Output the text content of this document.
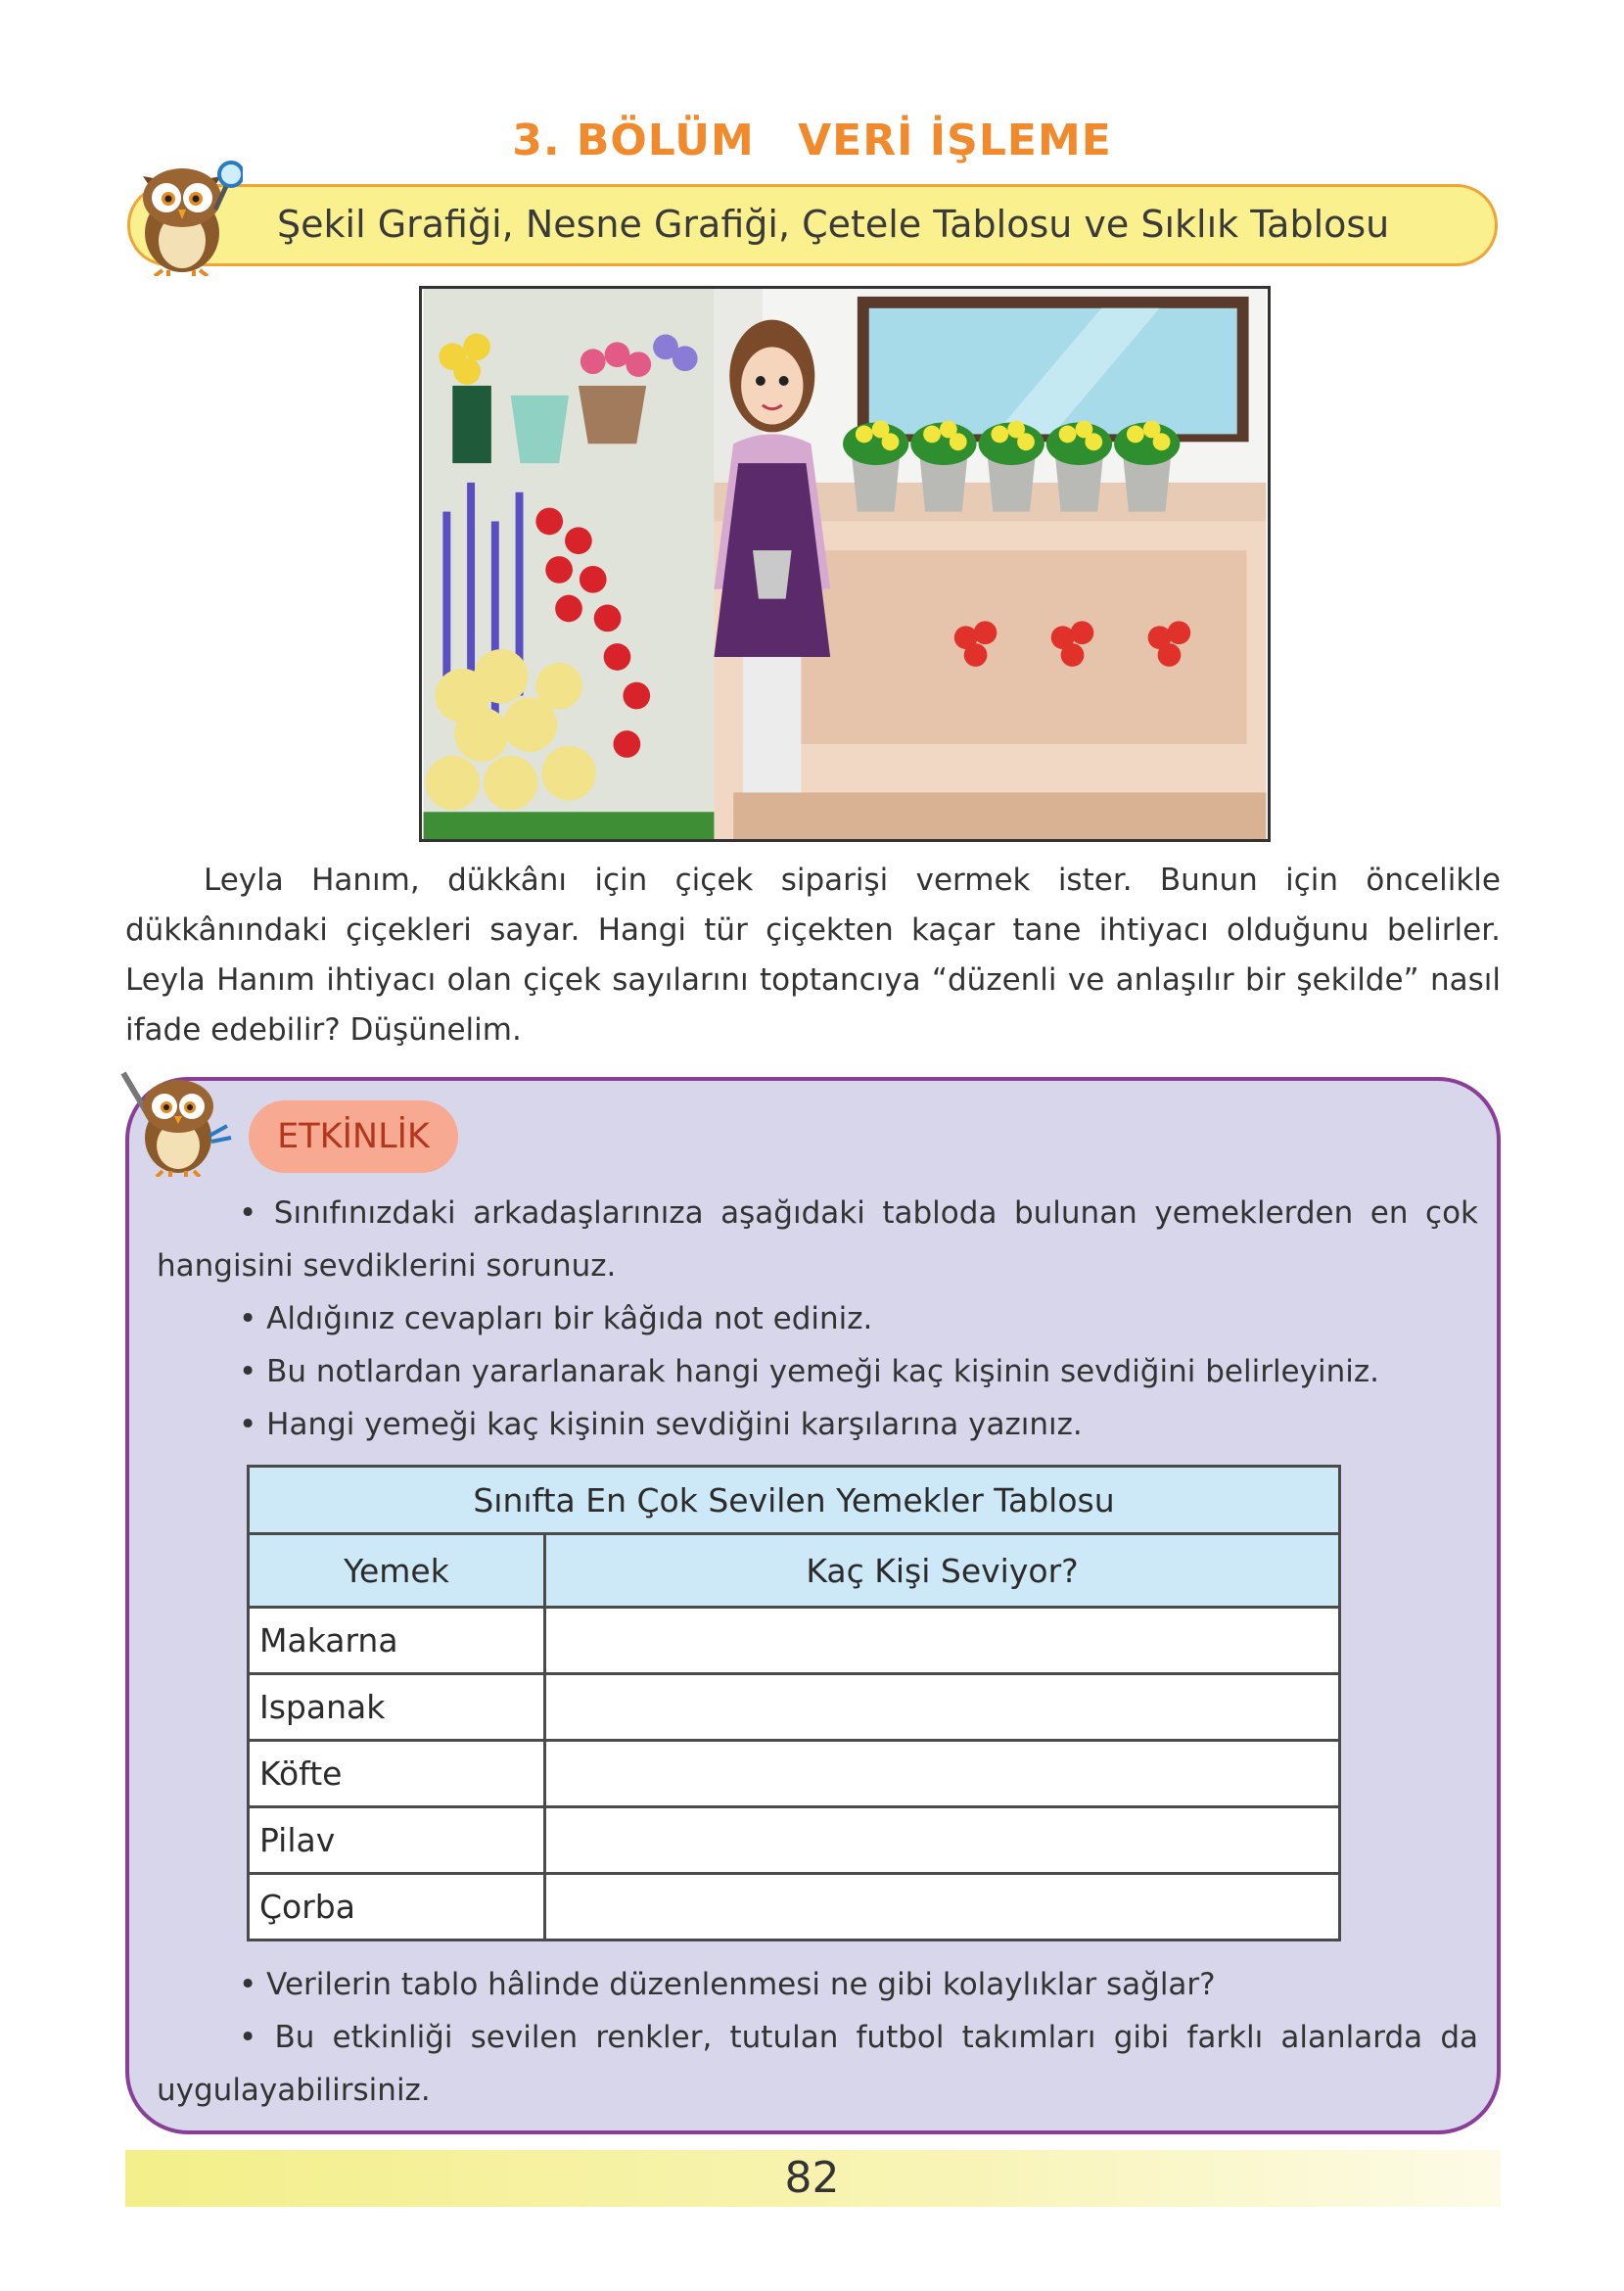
3. BÖLÜM VERİ İŞLEME
Şekil Grafiği, Nesne Grafiği, Çetele Tablosu ve Sıklık Tablosu

Leyla Hanım, dükkânı için çiçek siparişi vermek ister. Bunun için öncelikle dükkânındaki çiçekleri sayar. Hangi tür çiçekten kaçar tane ihtiyacı olduğunu belirler. Leyla Hanım ihtiyacı olan çiçek sayılarını toptancıya “düzenli ve anlaşılır bir şekilde” nasıl ifade edebilir? Düşünelim.

ETKİNLİK

• Sınıfınızdaki arkadaşlarınıza aşağıdaki tabloda bulunan yemeklerden en çok hangisini sevdiklerini sorunuz.

• Aldığınız cevapları bir kâğıda not ediniz.

• Bu notlardan yararlanarak hangi yemeği kaç kişinin sevdiğini belirleyiniz.

• Hangi yemeği kaç kişinin sevdiğini karşılarına yazınız.

Sınıfta En Çok Sevilen Yemekler Tablosu	
Yemek	Kaç Kişi Seviyor?
Makarna	
Ispanak	
Köfte	
Pilav	
Çorba	

• Verilerin tablo hâlinde düzenlenmesi ne gibi kolaylıklar sağlar?

• Bu etkinliği sevilen renkler, tutulan futbol takımları gibi farklı alanlarda da uygulayabilirsiniz.

82
